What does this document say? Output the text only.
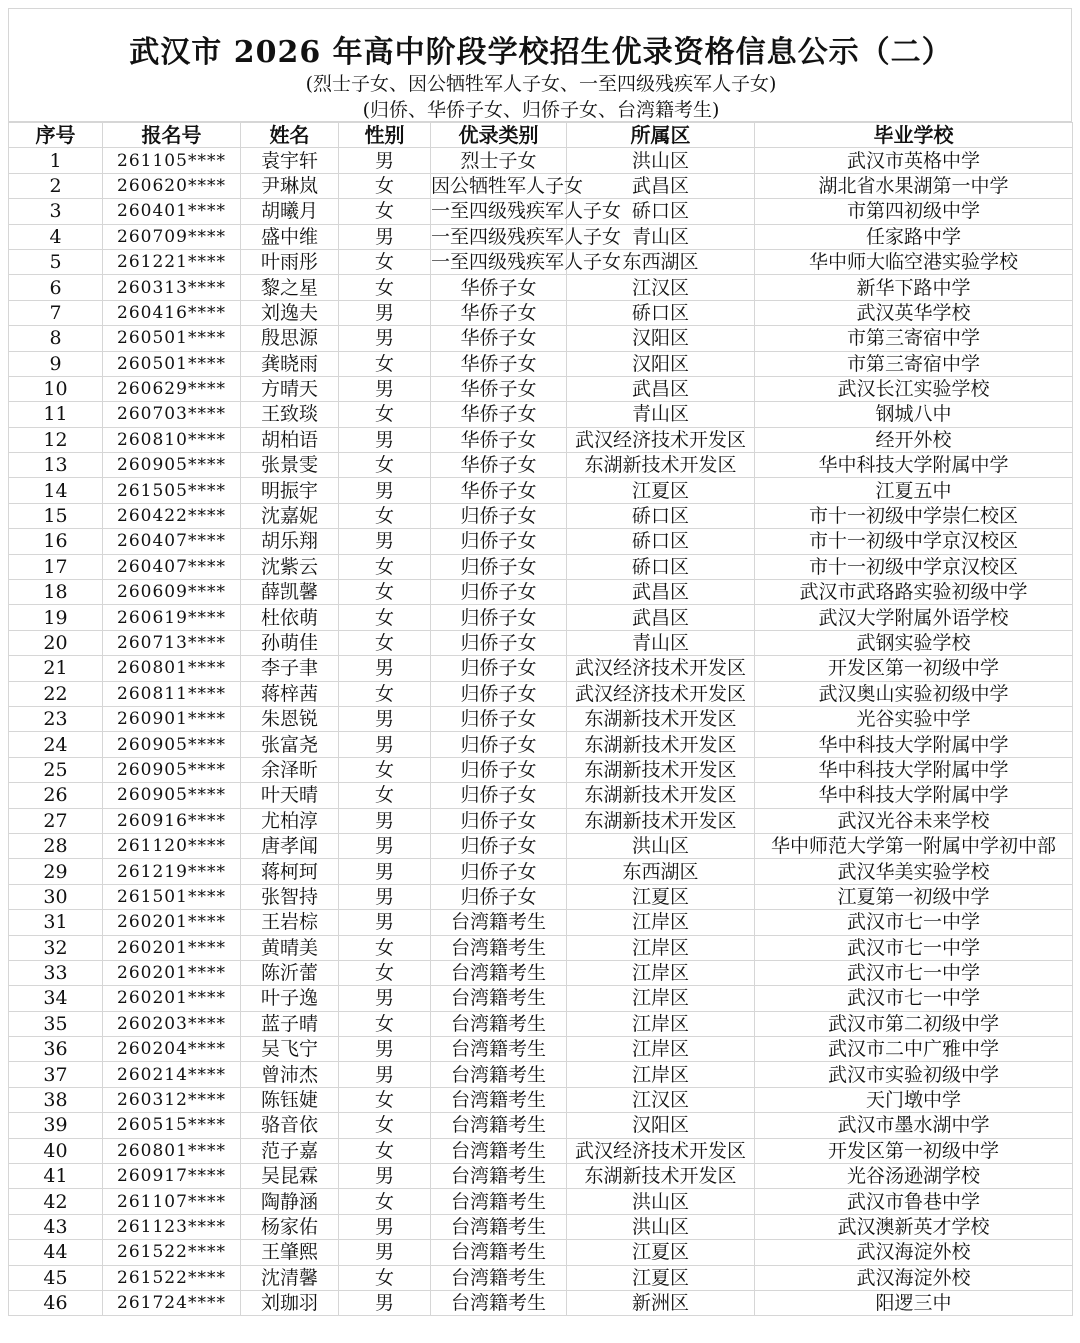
武汉市 2026 年高中阶段学校招生优录资格信息公示（二）
(烈士子女、因公牺牲军人子女、一至四级残疾军人子女)
(归侨、华侨子女、归侨子女、台湾籍考生)
序号	报名号	姓名	性别	优录类别	所属区	毕业学校
1	261105****	袁宇轩	男	烈士子女	洪山区	武汉市英格中学
2	260620****	尹琳岚	女	因公牺牲军人子女	武昌区	湖北省水果湖第一中学
3	260401****	胡曦月	女	一至四级残疾军人子女	硚口区	市第四初级中学
4	260709****	盛中维	男	一至四级残疾军人子女	青山区	任家路中学
5	261221****	叶雨彤	女	一至四级残疾军人子女	东西湖区	华中师大临空港实验学校
6	260313****	黎之星	女	华侨子女	江汉区	新华下路中学
7	260416****	刘逸夫	男	华侨子女	硚口区	武汉英华学校
8	260501****	殷思源	男	华侨子女	汉阳区	市第三寄宿中学
9	260501****	龚晓雨	女	华侨子女	汉阳区	市第三寄宿中学
10	260629****	方晴天	男	华侨子女	武昌区	武汉长江实验学校
11	260703****	王致琰	女	华侨子女	青山区	钢城八中
12	260810****	胡柏语	男	华侨子女	武汉经济技术开发区	经开外校
13	260905****	张景雯	女	华侨子女	东湖新技术开发区	华中科技大学附属中学
14	261505****	明振宇	男	华侨子女	江夏区	江夏五中
15	260422****	沈嘉妮	女	归侨子女	硚口区	市十一初级中学崇仁校区
16	260407****	胡乐翔	男	归侨子女	硚口区	市十一初级中学京汉校区
17	260407****	沈紫云	女	归侨子女	硚口区	市十一初级中学京汉校区
18	260609****	薛凯馨	女	归侨子女	武昌区	武汉市武珞路实验初级中学
19	260619****	杜依萌	女	归侨子女	武昌区	武汉大学附属外语学校
20	260713****	孙萌佳	女	归侨子女	青山区	武钢实验学校
21	260801****	李子聿	男	归侨子女	武汉经济技术开发区	开发区第一初级中学
22	260811****	蒋梓茜	女	归侨子女	武汉经济技术开发区	武汉奥山实验初级中学
23	260901****	朱恩锐	男	归侨子女	东湖新技术开发区	光谷实验中学
24	260905****	张富尧	男	归侨子女	东湖新技术开发区	华中科技大学附属中学
25	260905****	余泽昕	女	归侨子女	东湖新技术开发区	华中科技大学附属中学
26	260905****	叶天晴	女	归侨子女	东湖新技术开发区	华中科技大学附属中学
27	260916****	尤柏淳	男	归侨子女	东湖新技术开发区	武汉光谷未来学校
28	261120****	唐孝闻	男	归侨子女	洪山区	华中师范大学第一附属中学初中部
29	261219****	蒋柯珂	男	归侨子女	东西湖区	武汉华美实验学校
30	261501****	张智持	男	归侨子女	江夏区	江夏第一初级中学
31	260201****	王岩棕	男	台湾籍考生	江岸区	武汉市七一中学
32	260201****	黄晴美	女	台湾籍考生	江岸区	武汉市七一中学
33	260201****	陈沂蕾	女	台湾籍考生	江岸区	武汉市七一中学
34	260201****	叶子逸	男	台湾籍考生	江岸区	武汉市七一中学
35	260203****	蓝子晴	女	台湾籍考生	江岸区	武汉市第二初级中学
36	260204****	吴飞宁	男	台湾籍考生	江岸区	武汉市二中广雅中学
37	260214****	曾沛杰	男	台湾籍考生	江岸区	武汉市实验初级中学
38	260312****	陈钰婕	女	台湾籍考生	江汉区	天门墩中学
39	260515****	骆音依	女	台湾籍考生	汉阳区	武汉市墨水湖中学
40	260801****	范子嘉	女	台湾籍考生	武汉经济技术开发区	开发区第一初级中学
41	260917****	吴昆霖	男	台湾籍考生	东湖新技术开发区	光谷汤逊湖学校
42	261107****	陶静涵	女	台湾籍考生	洪山区	武汉市鲁巷中学
43	261123****	杨家佑	男	台湾籍考生	洪山区	武汉澳新英才学校
44	261522****	王肇熙	男	台湾籍考生	江夏区	武汉海淀外校
45	261522****	沈清馨	女	台湾籍考生	江夏区	武汉海淀外校
46	261724****	刘珈羽	男	台湾籍考生	新洲区	阳逻三中
